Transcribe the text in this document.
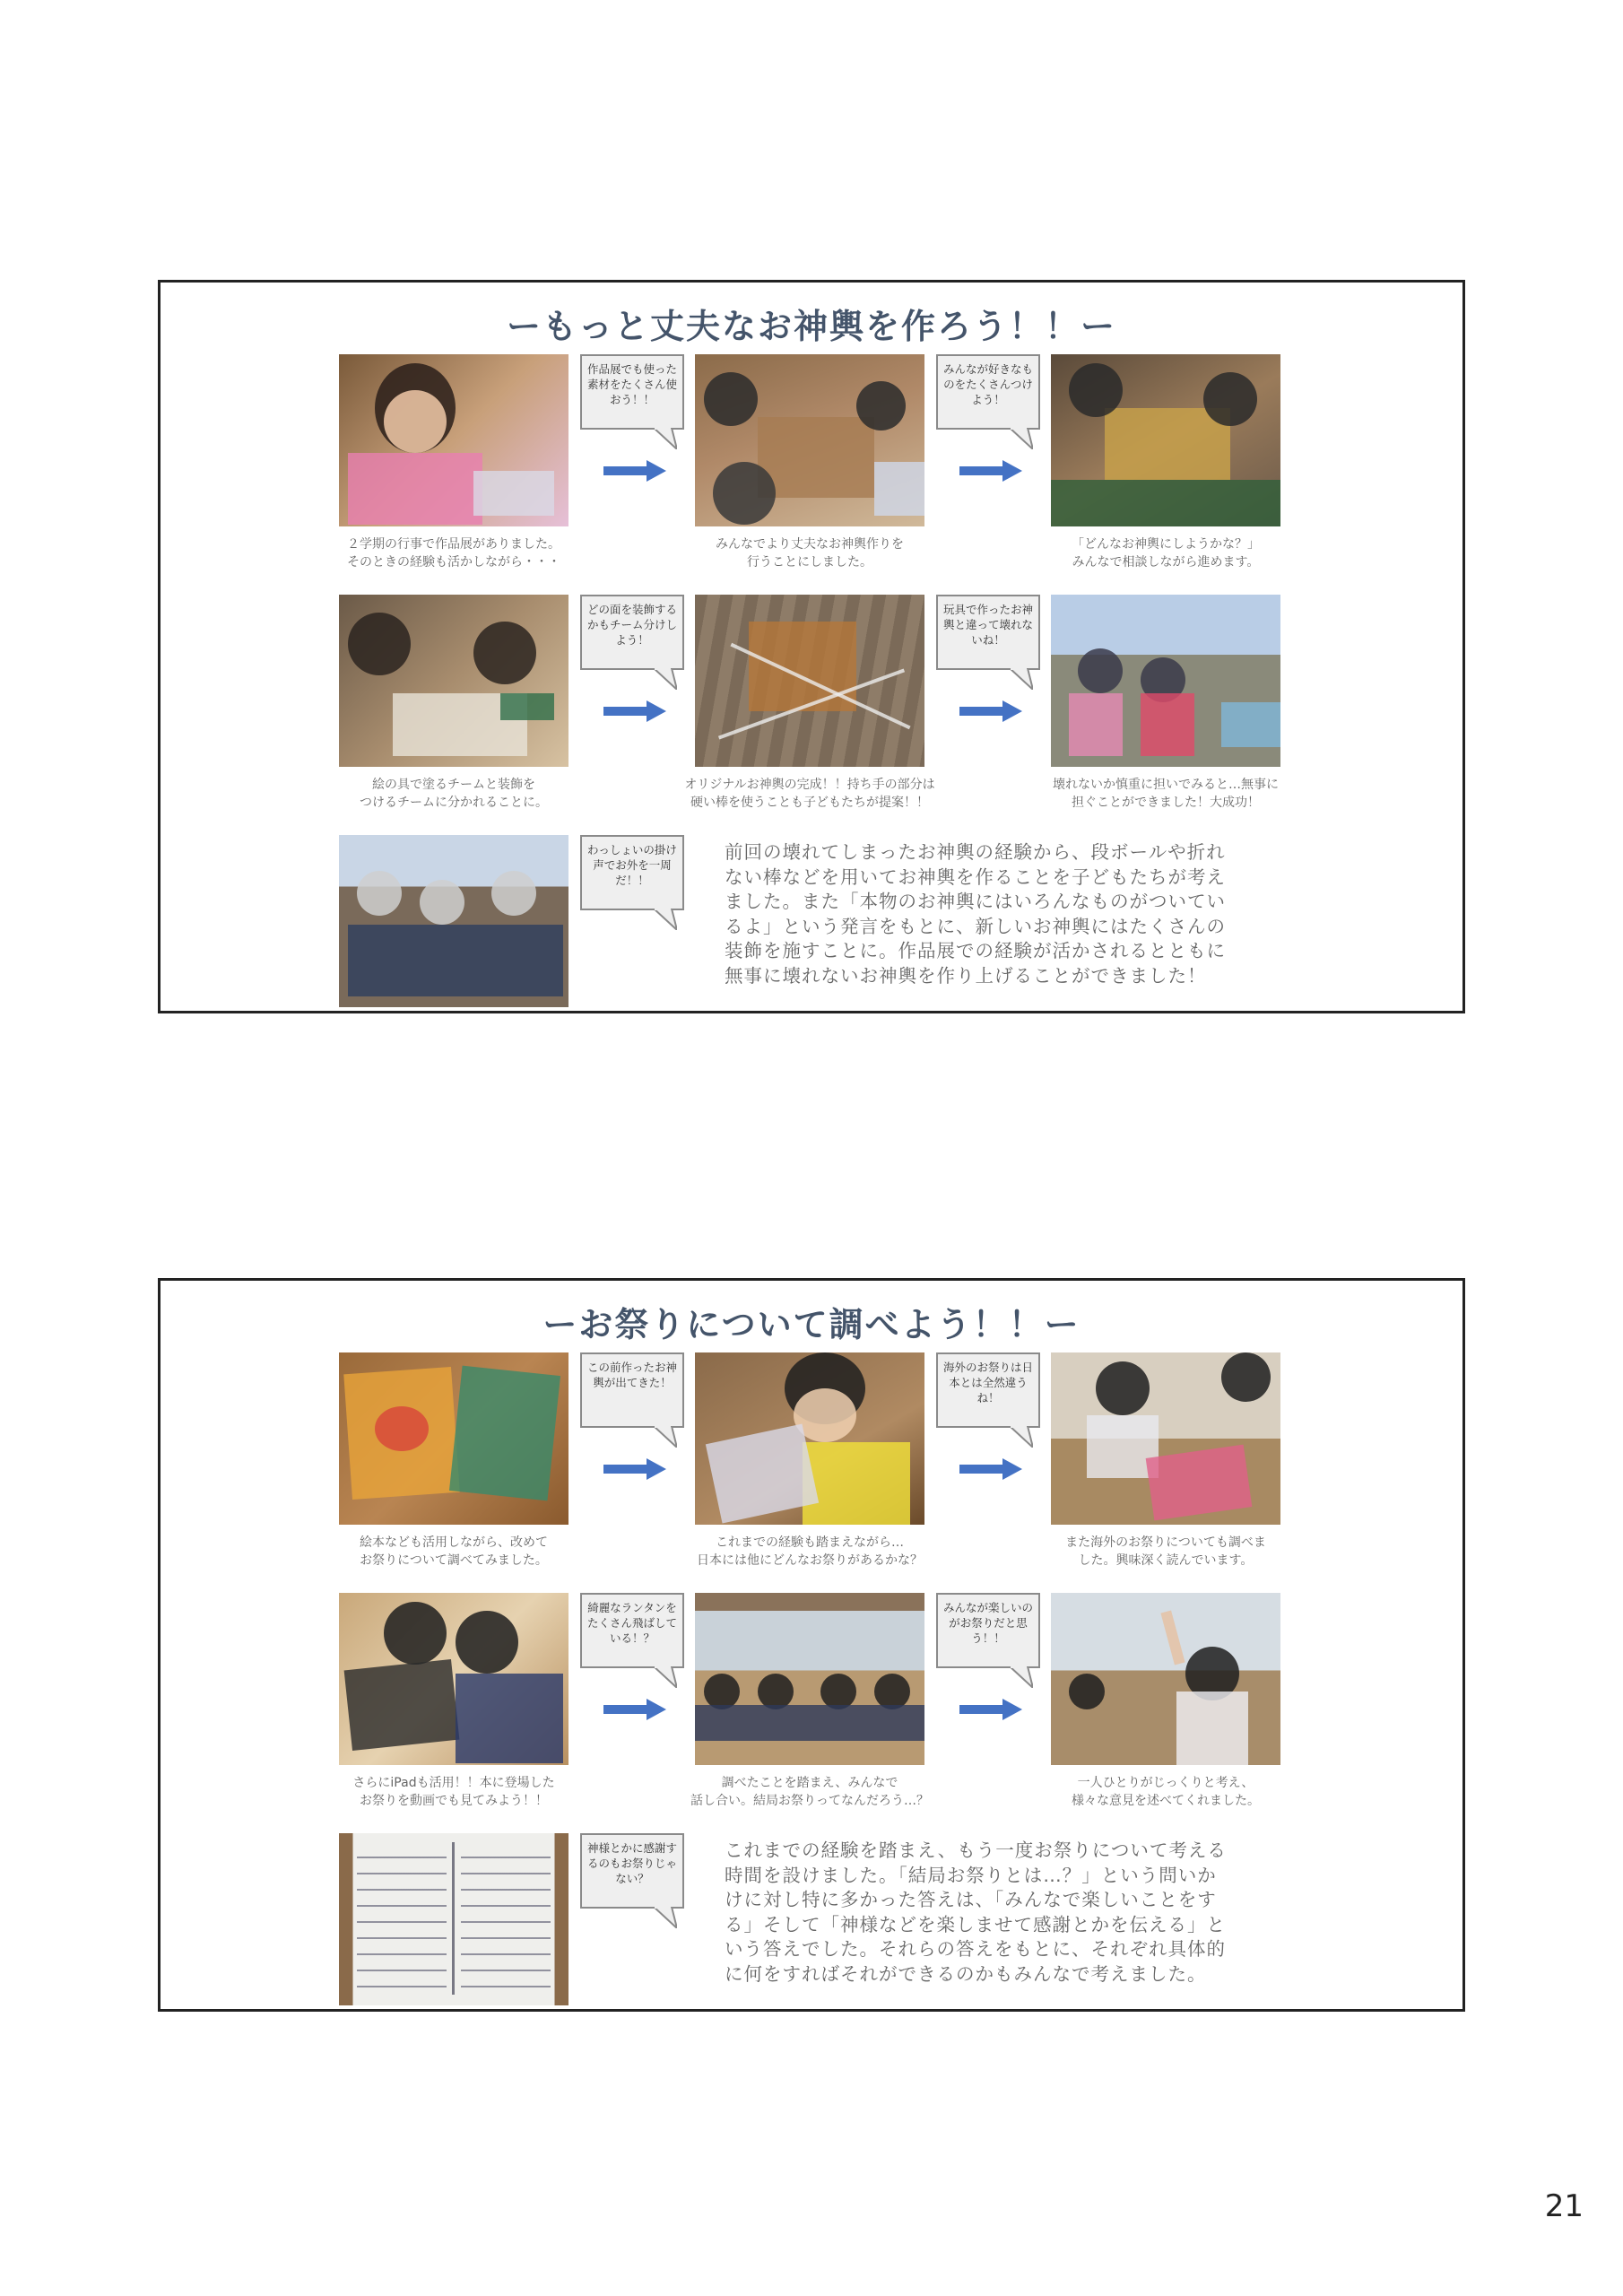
ーもっと丈夫なお神輿を作ろう！！ー
作品展でも使った素材をたくさん使おう！！
みんなが好きなものをたくさんつけよう！
２学期の行事で作品展がありました。
そのときの経験も活かしながら・・・
みんなでより丈夫なお神輿作りを
行うことにしました。
「どんなお神輿にしようかな？」
みんなで相談しながら進めます。
どの面を装飾するかもチーム分けしよう！
玩具で作ったお神輿と違って壊れないね！
絵の具で塗るチームと装飾を
つけるチームに分かれることに。
オリジナルお神輿の完成！！持ち手の部分は
硬い棒を使うことも子どもたちが提案！！
壊れないか慎重に担いでみると…無事に
担ぐことができました！大成功！
わっしょいの掛け声でお外を一周だ！！
前回の壊れてしまったお神輿の経験から、段ボールや折れ
ない棒などを用いてお神輿を作ることを子どもたちが考え
ました。また「本物のお神輿にはいろんなものがついてい
るよ」という発言をもとに、新しいお神輿にはたくさんの
装飾を施すことに。作品展での経験が活かされるとともに
無事に壊れないお神輿を作り上げることができました！
ーお祭りについて調べよう！！ー
この前作ったお神輿が出てきた！
海外のお祭りは日本とは全然違うね！
絵本なども活用しながら、改めて
お祭りについて調べてみました。
これまでの経験も踏まえながら…
日本には他にどんなお祭りがあるかな？
また海外のお祭りについても調べま
した。興味深く読んでいます。
綺麗なランタンをたくさん飛ばしている！？
みんなが楽しいのがお祭りだと思う！！
さらにiPadも活用！！本に登場した
お祭りを動画でも見てみよう！！
調べたことを踏まえ、みんなで
話し合い。結局お祭りってなんだろう…？
一人ひとりがじっくりと考え、
様々な意見を述べてくれました。
神様とかに感謝するのもお祭りじゃない？
これまでの経験を踏まえ、もう一度お祭りについて考える
時間を設けました。「結局お祭りとは…？」という問いか
けに対し特に多かった答えは、「みんなで楽しいことをす
る」そして「神様などを楽しませて感謝とかを伝える」と
いう答えでした。それらの答えをもとに、それぞれ具体的
に何をすればそれができるのかもみんなで考えました。
21
